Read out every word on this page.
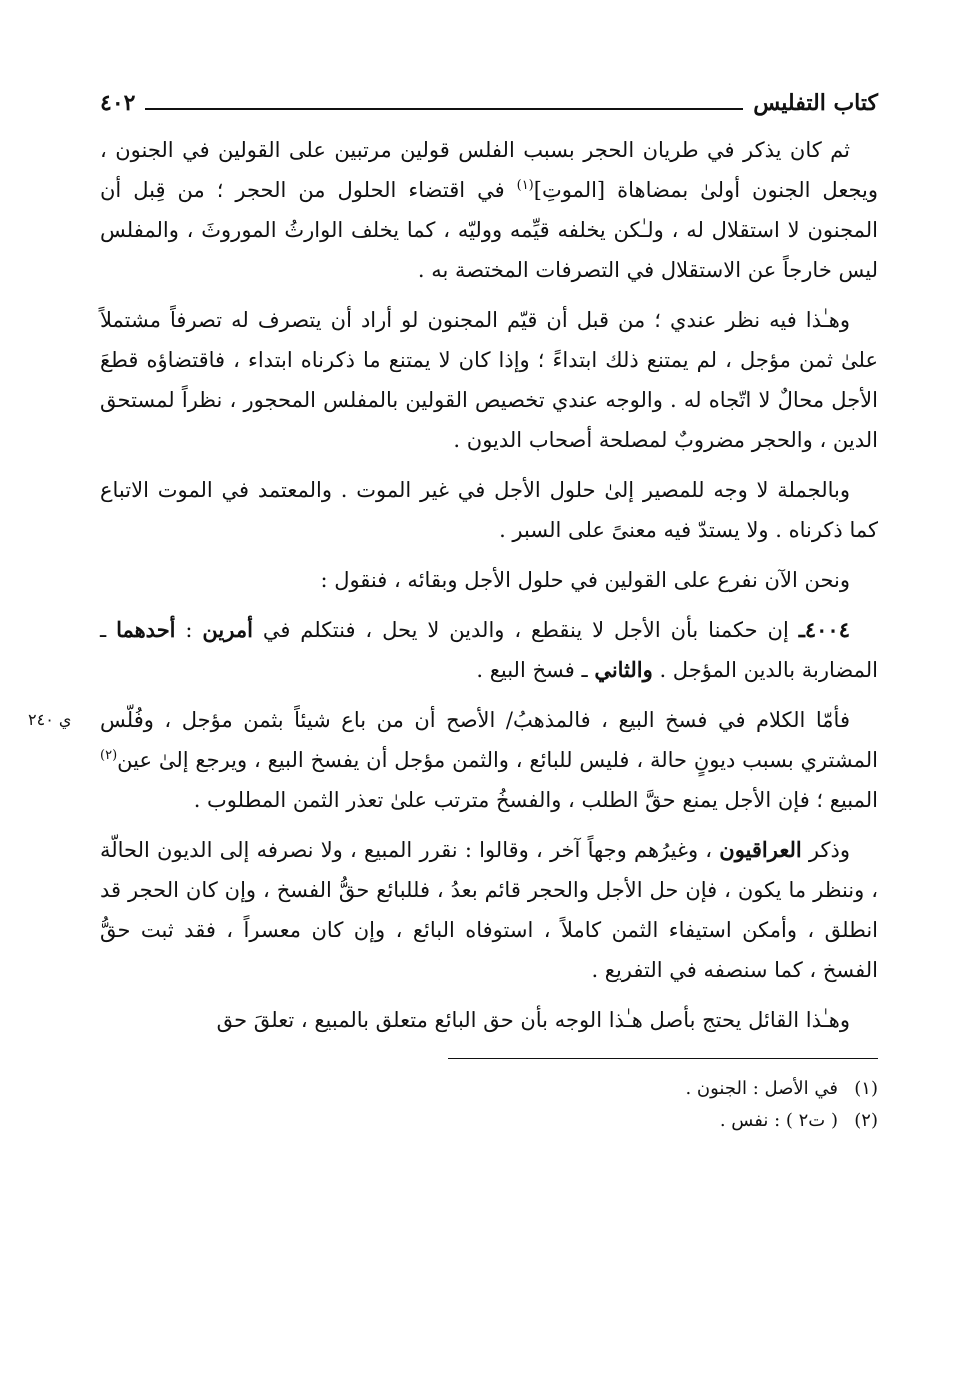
كتاب التفليس
٤٠٢

ثم كان يذكر في طريان الحجر بسبب الفلس قولين مرتبين على القولين في الجنون ، ويجعل الجنون أولىٰ بمضاهاة [الموتِ]$^{(١)}$ في اقتضاء الحلول من الحجر ؛ من قِبل أن المجنون لا استقلال له ، ولـٰكن يخلفه قيِّمه ووليّه ، كما يخلف الوارثُ الموروثَ ، والمفلس ليس خارجاً عن الاستقلال في التصرفات المختصة به .

وهـٰذا فيه نظر عندي ؛ من قبل أن قيّم المجنون لو أراد أن يتصرف له تصرفاً مشتملاً علىٰ ثمن مؤجل ، لم يمتنع ذلك ابتداءً ؛ وإذا كان لا يمتنع ما ذكرناه ابتداء ، فاقتضاؤه قطعَ الأجل محالٌ لا اتّجاه له . والوجه عندي تخصيص القولين بالمفلس المحجور ، نظراً لمستحق الدين ، والحجر مضروبٌ لمصلحة أصحاب الديون .

وبالجملة لا وجه للمصير إلىٰ حلول الأجل في غير الموت . والمعتمد في الموت الاتباع كما ذكرناه . ولا يستدّ فيه معنىً على السبر .

ونحن الآن نفرع على القولين في حلول الأجل وبقائه ، فنقول :

٤٠٠٤ـ إن حكمنا بأن الأجل لا ينقطع ، والدين لا يحل ، فنتكلم في أمرين : أحدهما ـ المضاربة بالدين المؤجل . والثاني ـ فسخ البيع .

ي ٢٤٠	فأمّا الكلام في فسخ البيع ، فالمذهبُ/ الأصح أن من باع شيئاً بثمن مؤجل ، وفُلّس المشتري بسبب ديونٍ حالة ، فليس للبائع ، والثمن مؤجل أن يفسخ البيع ، ويرجع إلىٰ عين$^{(٢)}$ المبيع ؛ فإن الأجل يمنع حقَّ الطلب ، والفسخُ مترتب علىٰ تعذر الثمن المطلوب .

وذكر العراقيون ، وغيرُهم وجهاً آخر ، وقالوا : نقرر المبيع ، ولا نصرفه إلى الديون الحالّة ، وننظر ما يكون ، فإن حل الأجل والحجر قائم بعدُ ، فللبائع حقُّ الفسخ ، وإن كان الحجر قد انطلق ، وأمكن استيفاء الثمن كاملاً ، استوفاه البائع ، وإن كان معسراً ، فقد ثبت حقُّ الفسخ ، كما سنصفه في التفريع .

وهـٰذا القائل يحتج بأصل هـٰذا الوجه بأن حق البائع متعلق بالمبيع ، تعلقَ حق

(١)
في الأصل : الجنون .
(٢)
( ت٢ ) : نفس .
